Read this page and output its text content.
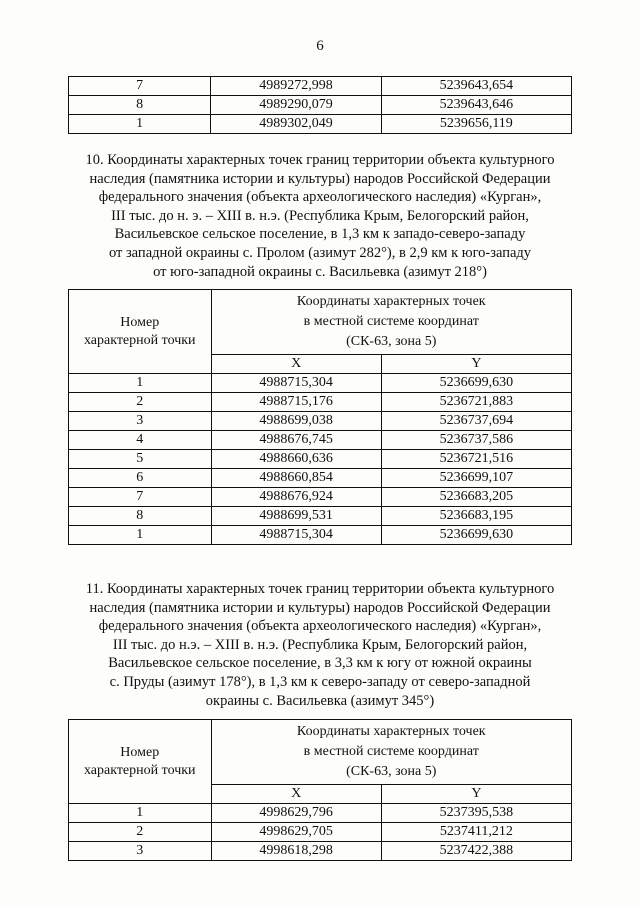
6
7	4989272,998	5239643,654
8	4989290,079	5239643,646
1	4989302,049	5239656,119
10. Координаты характерных точек границ территории объекта культурного
наследия (памятника истории и культуры) народов Российской Федерации
федерального значения (объекта археологического наследия) «Курган»,
III тыс. до н. э. – XIII в. н.э. (Республика Крым, Белогорский район,
Васильевское сельское поселение, в 1,3 км к западо-северо-западу
от западной окраины с. Пролом (азимут 282°), в 2,9 км к юго-западу
от юго-западной окраины с. Васильевка (азимут 218°)
Номер
характерной точки	Координаты характерных точек
в местной системе координат
(СК-63, зона 5)	
	X	Y
1	4988715,304	5236699,630
2	4988715,176	5236721,883
3	4988699,038	5236737,694
4	4988676,745	5236737,586
5	4988660,636	5236721,516
6	4988660,854	5236699,107
7	4988676,924	5236683,205
8	4988699,531	5236683,195
1	4988715,304	5236699,630
11. Координаты характерных точек границ территории объекта культурного
наследия (памятника истории и культуры) народов Российской Федерации
федерального значения (объекта археологического наследия) «Курган»,
III тыс. до н.э. – XIII в. н.э. (Республика Крым, Белогорский район,
Васильевское сельское поселение, в 3,3 км к югу от южной окраины
с. Пруды (азимут 178°), в 1,3 км к северо-западу от северо-западной
окраины с. Васильевка (азимут 345°)
Номер
характерной точки	Координаты характерных точек
в местной системе координат
(СК-63, зона 5)	
	X	Y
1	4998629,796	5237395,538
2	4998629,705	5237411,212
3	4998618,298	5237422,388
